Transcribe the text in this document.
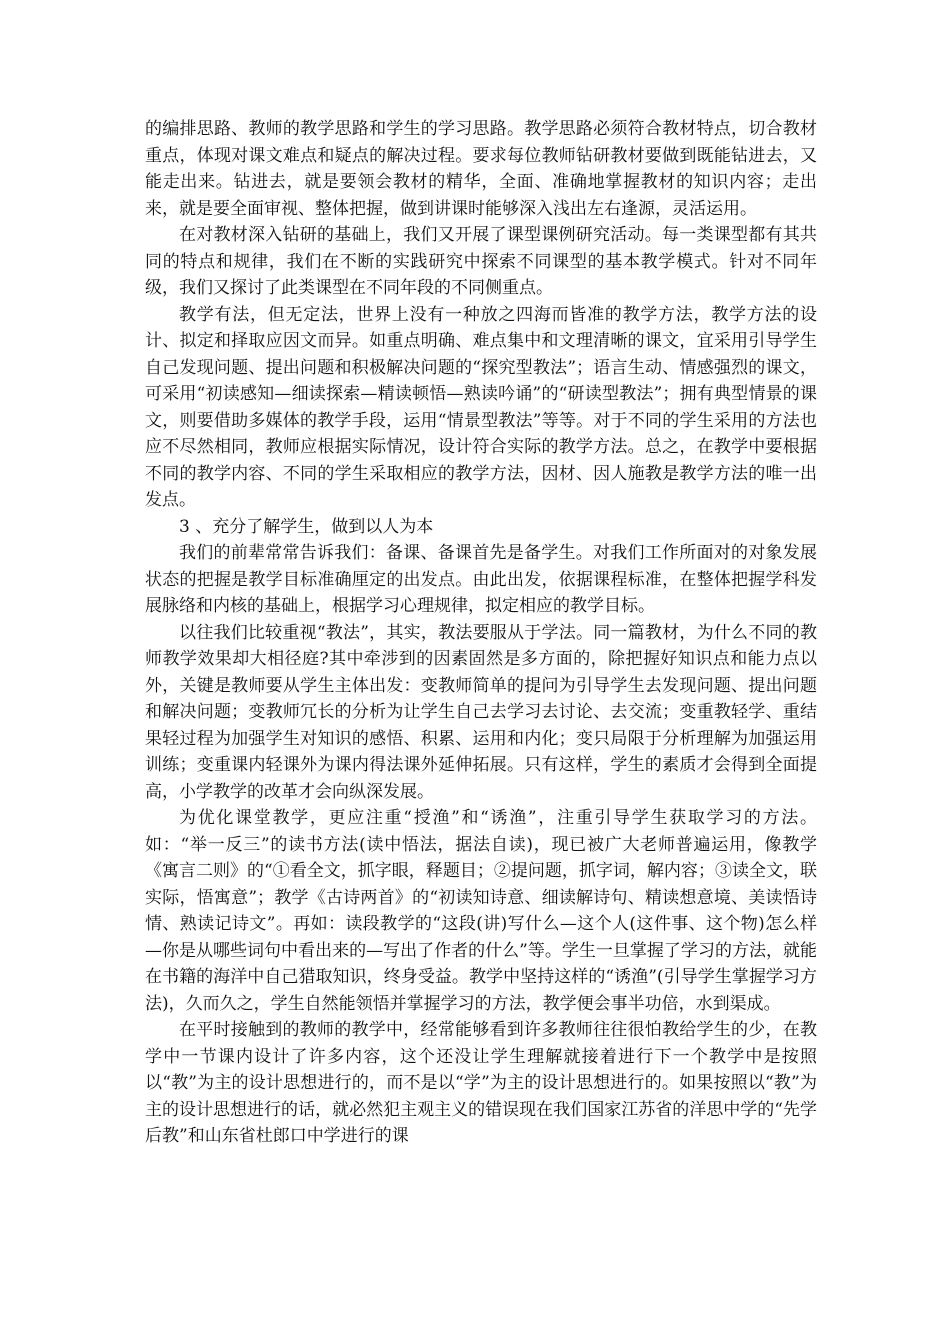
的编排思路、教师的教学思路和学生的学习思路。教学思路必须符合教材特点，切合教材重点，体现对课文难点和疑点的解决过程。要求每位教师钻研教材要做到既能钻进去，又能走出来。钻进去，就是要领会教材的精华，全面、准确地掌握教材的知识内容；走出来，就是要全面审视、整体把握，做到讲课时能够深入浅出左右逢源，灵活运用。

在对教材深入钻研的基础上，我们又开展了课型课例研究活动。每一类课型都有其共同的特点和规律，我们在不断的实践研究中探索不同课型的基本教学模式。针对不同年级，我们又探讨了此类课型在不同年段的不同侧重点。

教学有法，但无定法，世界上没有一种放之四海而皆准的教学方法，教学方法的设计、拟定和择取应因文而异。如重点明确、难点集中和文理清晰的课文，宜采用引导学生自己发现问题、提出问题和积极解决问题的“探究型教法”；语言生动、情感强烈的课文，可采用“初读感知—细读探索—精读顿悟—熟读吟诵”的“研读型教法”；拥有典型情景的课文，则要借助多媒体的教学手段，运用“情景型教法”等等。对于不同的学生采用的方法也应不尽然相同，教师应根据实际情况，设计符合实际的教学方法。总之，在教学中要根据不同的教学内容、不同的学生采取相应的教学方法，因材、因人施教是教学方法的唯一出发点。

3 、充分了解学生，做到以人为本

我们的前辈常常告诉我们：备课、备课首先是备学生。对我们工作所面对的对象发展状态的把握是教学目标准确厘定的出发点。由此出发，依据课程标准，在整体把握学科发展脉络和内核的基础上，根据学习心理规律，拟定相应的教学目标。

以往我们比较重视“教法”，其实，教法要服从于学法。同一篇教材，为什么不同的教师教学效果却大相径庭?其中牵涉到的因素固然是多方面的，除把握好知识点和能力点以外，关键是教师要从学生主体出发：变教师简单的提问为引导学生去发现问题、提出问题和解决问题；变教师冗长的分析为让学生自己去学习去讨论、去交流；变重教轻学、重结果轻过程为加强学生对知识的感悟、积累、运用和内化；变只局限于分析理解为加强运用训练；变重课内轻课外为课内得法课外延伸拓展。只有这样，学生的素质才会得到全面提高，小学教学的改革才会向纵深发展。

为优化课堂教学，更应注重“授渔”和“诱渔”，注重引导学生获取学习的方法。如：“举一反三”的读书方法(读中悟法，据法自读)，现已被广大老师普遍运用，像教学《寓言二则》的“①看全文，抓字眼，释题目；②提问题，抓字词，解内容；③读全文，联实际，悟寓意”；教学《古诗两首》的“初读知诗意、细读解诗句、精读想意境、美读悟诗情、熟读记诗文”。再如：读段教学的“这段(讲)写什么—这个人(这件事、这个物)怎么样—你是从哪些词句中看出来的—写出了作者的什么”等。学生一旦掌握了学习的方法，就能在书籍的海洋中自己猎取知识，终身受益。教学中坚持这样的“诱渔”(引导学生掌握学习方法)，久而久之，学生自然能领悟并掌握学习的方法，教学便会事半功倍，水到渠成。

在平时接触到的教师的教学中，经常能够看到许多教师往往很怕教给学生的少，在教学中一节课内设计了许多内容，这个还没让学生理解就接着进行下一个教学中是按照以“教”为主的设计思想进行的，而不是以“学”为主的设计思想进行的。如果按照以“教”为主的设计思想进行的话，就必然犯主观主义的错误现在我们国家江苏省的洋思中学的“先学后教”和山东省杜郎口中学进行的课
